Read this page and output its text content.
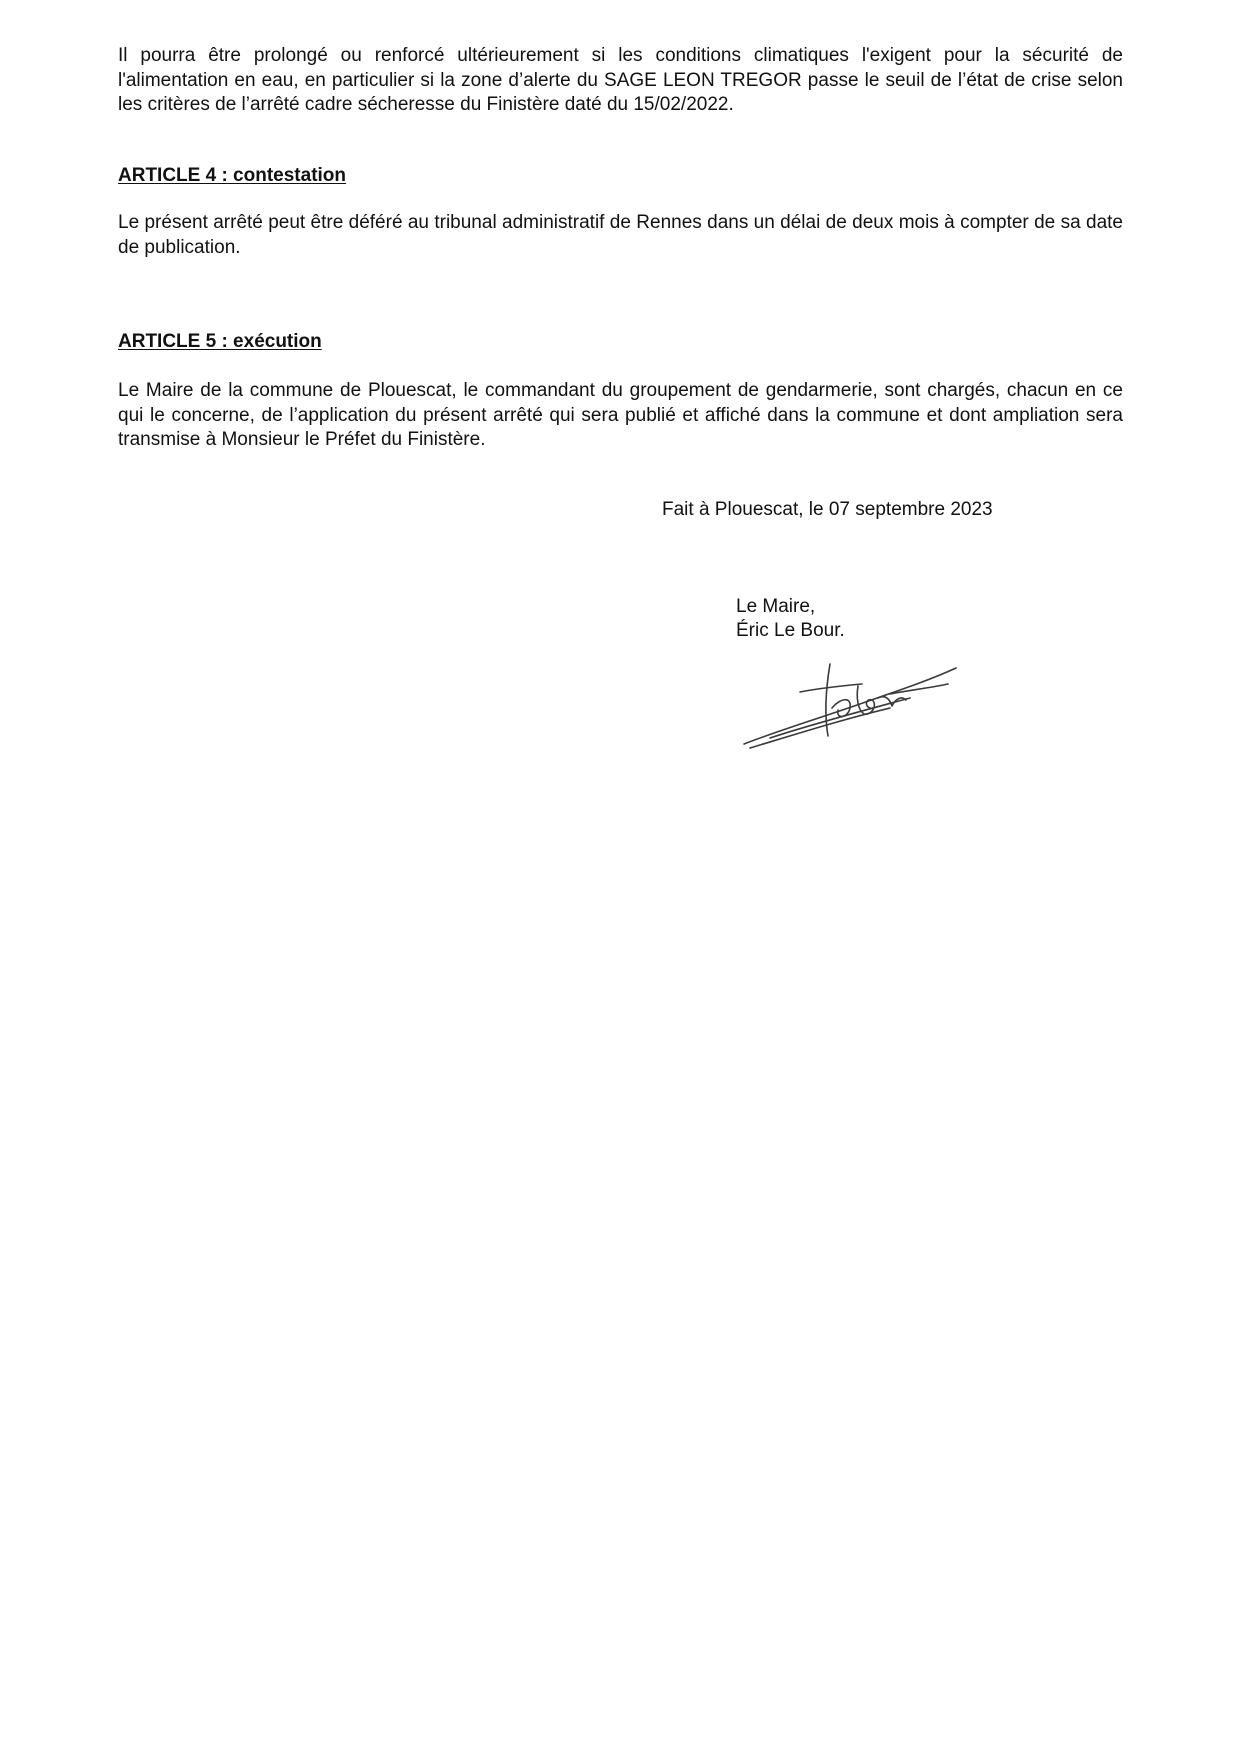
Il pourra être prolongé ou renforcé ultérieurement si les conditions climatiques l'exigent pour la sécurité de l'alimentation en eau, en particulier si la zone d’alerte du SAGE LEON TREGOR passe le seuil de l’état de crise selon les critères de l’arrêté cadre sécheresse du Finistère daté du 15/02/2022.

ARTICLE 4 : contestation

Le présent arrêté peut être déféré au tribunal administratif de Rennes dans un délai de deux mois à compter de sa date de publication.

ARTICLE 5 : exécution

Le Maire de la commune de Plouescat, le commandant du groupement de gendarmerie, sont chargés, chacun en ce qui le concerne, de l’application du présent arrêté qui sera publié et affiché dans la commune et dont ampliation sera transmise à Monsieur le Préfet du Finistère.

Fait à Plouescat, le 07 septembre 2023

Le Maire,

Éric Le Bour.
